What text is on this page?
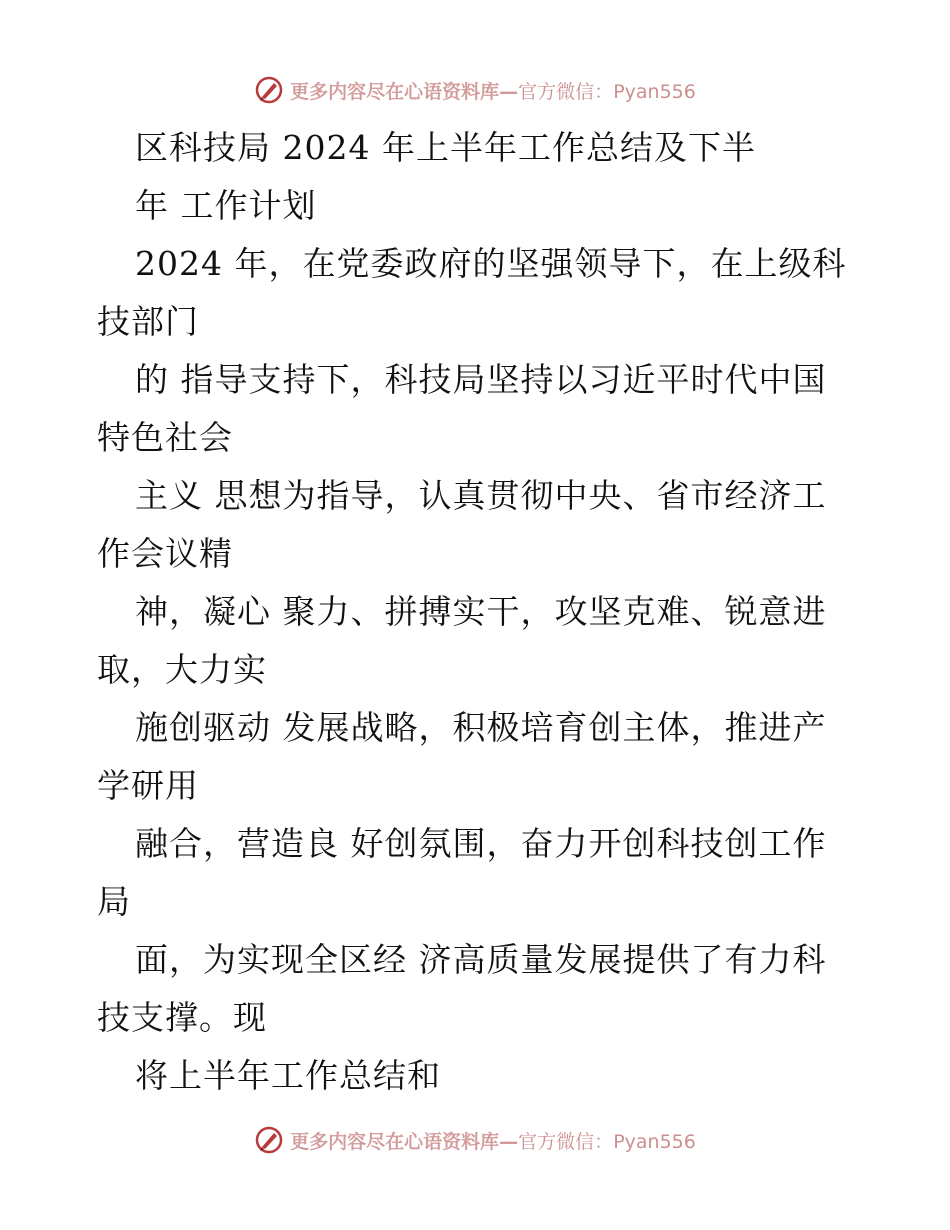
更多内容尽在心语资料库—官方微信：Pyan556
区科技局 2024 年上半年工作总结及下半
年 工作计划
2024 年，在党委政府的坚强领导下，在上级科
技部门
的 指导支持下，科技局坚持以习近平时代中国
特色社会
主义 思想为指导，认真贯彻中央、省市经济工
作会议精
神，凝心 聚力、拼搏实干，攻坚克难、锐意进
取，大力实
施创驱动 发展战略，积极培育创主体，推进产
学研用
融合，营造良 好创氛围，奋力开创科技创工作
局
面，为实现全区经 济高质量发展提供了有力科
技支撑。现
将上半年工作总结和
更多内容尽在心语资料库—官方微信：Pyan556
